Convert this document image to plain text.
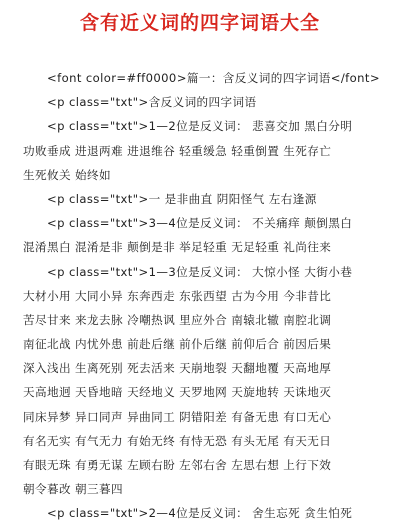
含有近义词的四字词语大全
<font color=#ff0000>篇一：含反义词的四字词语</font>
<p class="txt">含反义词的四字词语
<p class="txt">1—2位是反义词： 悲喜交加 黑白分明
功败垂成 进退两难 进退维谷 轻重缓急 轻重倒置 生死存亡
生死攸关 始终如
<p class="txt">一 是非曲直 阴阳怪气 左右逢源
<p class="txt">3—4位是反义词： 不关痛痒 颠倒黑白
混淆黑白 混淆是非 颠倒是非 举足轻重 无足轻重 礼尚往来
<p class="txt">1—3位是反义词： 大惊小怪 大街小巷
大材小用 大同小异 东奔西走 东张西望 古为今用 今非昔比
苦尽甘来 来龙去脉 冷嘲热讽 里应外合 南辕北辙 南腔北调
南征北战 内忧外患 前赴后继 前仆后继 前仰后合 前因后果
深入浅出 生离死别 死去活来 天崩地裂 天翻地覆 天高地厚
天高地迥 天昏地暗 天经地义 天罗地网 天旋地转 天诛地灭
同床异梦 异口同声 异曲同工 阴错阳差 有备无患 有口无心
有名无实 有气无力 有始无终 有恃无恐 有头无尾 有天无日
有眼无珠 有勇无谋 左顾右盼 左邻右舍 左思右想 上行下效
朝令暮改 朝三暮四
<p class="txt">2—4位是反义词： 舍生忘死 贪生怕死
